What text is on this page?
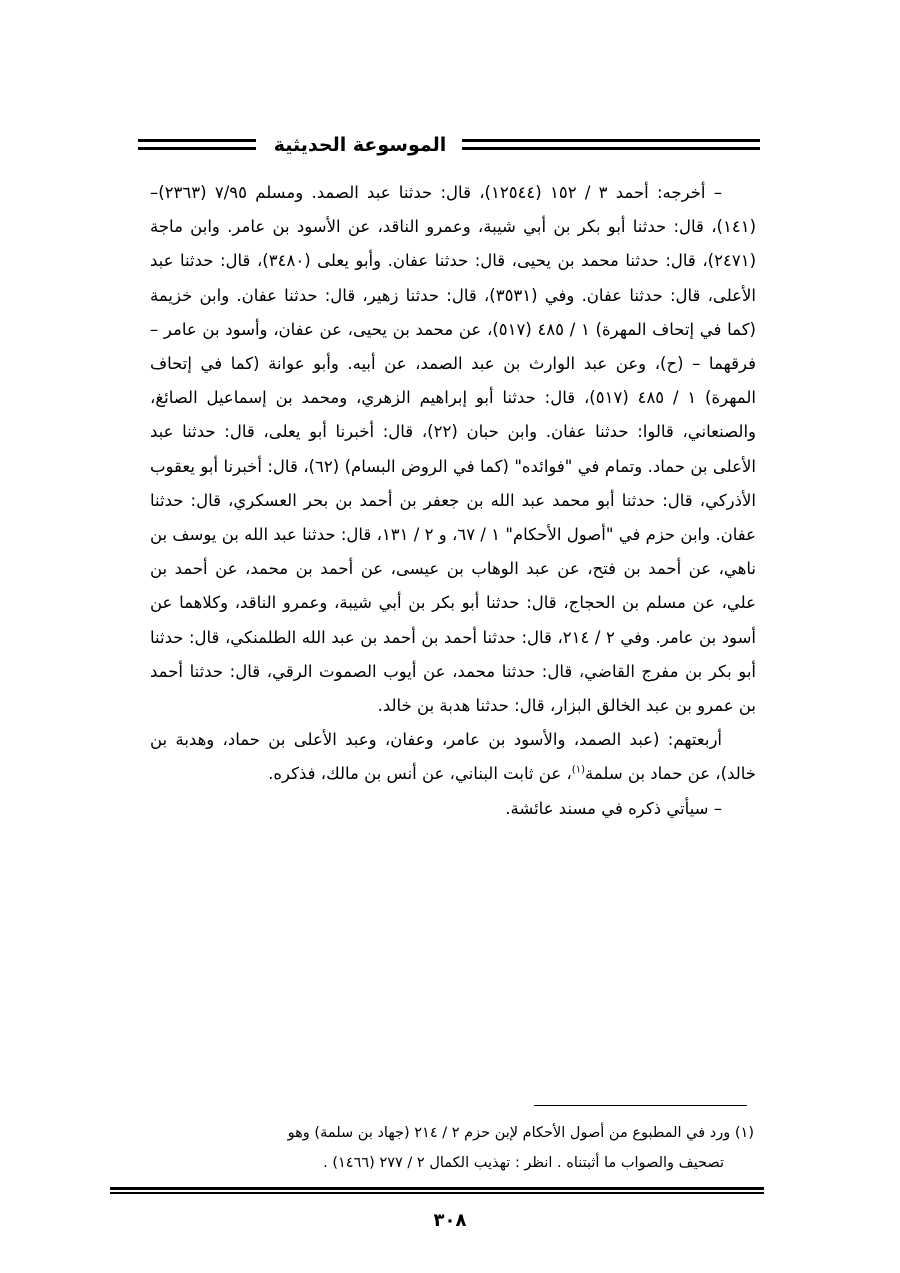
الموسوعة الحديثية

– أخرجه: أحمد ٣ / ١٥٢ (١٢٥٤٤)، قال: حدثنا عبد الصمد. ومسلم ٧/٩٥ (٢٣٦٣)–(١٤١)، قال: حدثنا أبو بكر بن أبي شيبة، وعمرو الناقد، عن الأسود بن عامر. وابن ماجة (٢٤٧١)، قال: حدثنا محمد بن يحيى، قال: حدثنا عفان. وأبو يعلى (٣٤٨٠)، قال: حدثنا عبد الأعلى، قال: حدثنا عفان. وفي (٣٥٣١)، قال: حدثنا زهير، قال: حدثنا عفان. وابن خزيمة (كما في إتحاف المهرة) ١ / ٤٨٥ (٥١٧)، عن محمد بن يحيى، عن عفان، وأسود بن عامر – فرقهما – (ح)، وعن عبد الوارث بن عبد الصمد، عن أبيه. وأبو عوانة (كما في إتحاف المهرة) ١ / ٤٨٥ (٥١٧)، قال: حدثنا أبو إبراهيم الزهري، ومحمد بن إسماعيل الصائغ، والصنعاني، قالوا: حدثنا عفان. وابن حبان (٢٢)، قال: أخبرنا أبو يعلى، قال: حدثنا عبد الأعلى بن حماد. وتمام في "فوائده" (كما في الروض البسام) (٦٢)، قال: أخبرنا أبو يعقوب الأذركي، قال: حدثنا أبو محمد عبد الله بن جعفر بن أحمد بن بحر العسكري، قال: حدثنا عفان. وابن حزم في "أصول الأحكام" ١ / ٦٧، و ٢ / ١٣١، قال: حدثنا عبد الله بن يوسف بن ناهي، عن أحمد بن فتح، عن عبد الوهاب بن عيسى، عن أحمد بن محمد، عن أحمد بن علي، عن مسلم بن الحجاج، قال: حدثنا أبو بكر بن أبي شيبة، وعمرو الناقد، وكلاهما عن أسود بن عامر. وفي ٢ / ٢١٤، قال: حدثنا أحمد بن أحمد بن عبد الله الطلمنكي، قال: حدثنا أبو بكر بن مفرج القاضي، قال: حدثنا محمد، عن أيوب الصموت الرقي، قال: حدثنا أحمد بن عمرو بن عبد الخالق البزار، قال: حدثنا هدبة بن خالد.

أربعتهم: (عبد الصمد، والأسود بن عامر، وعفان، وعبد الأعلى بن حماد، وهدبة بن خالد)، عن حماد بن سلمة$^{(١)}$، عن ثابت البناني، عن أنس بن مالك، فذكره.

– سيأتي ذكره في مسند عائشة.

(١) ورد في المطبوع من أصول الأحكام لإبن حزم ٢ / ٢١٤ (جهاد بن سلمة) وهو

تصحيف والصواب ما أثبتناه . انظر : تهذيب الكمال ٢ / ٢٧٧ (١٤٦٦) .

٣٠٨
